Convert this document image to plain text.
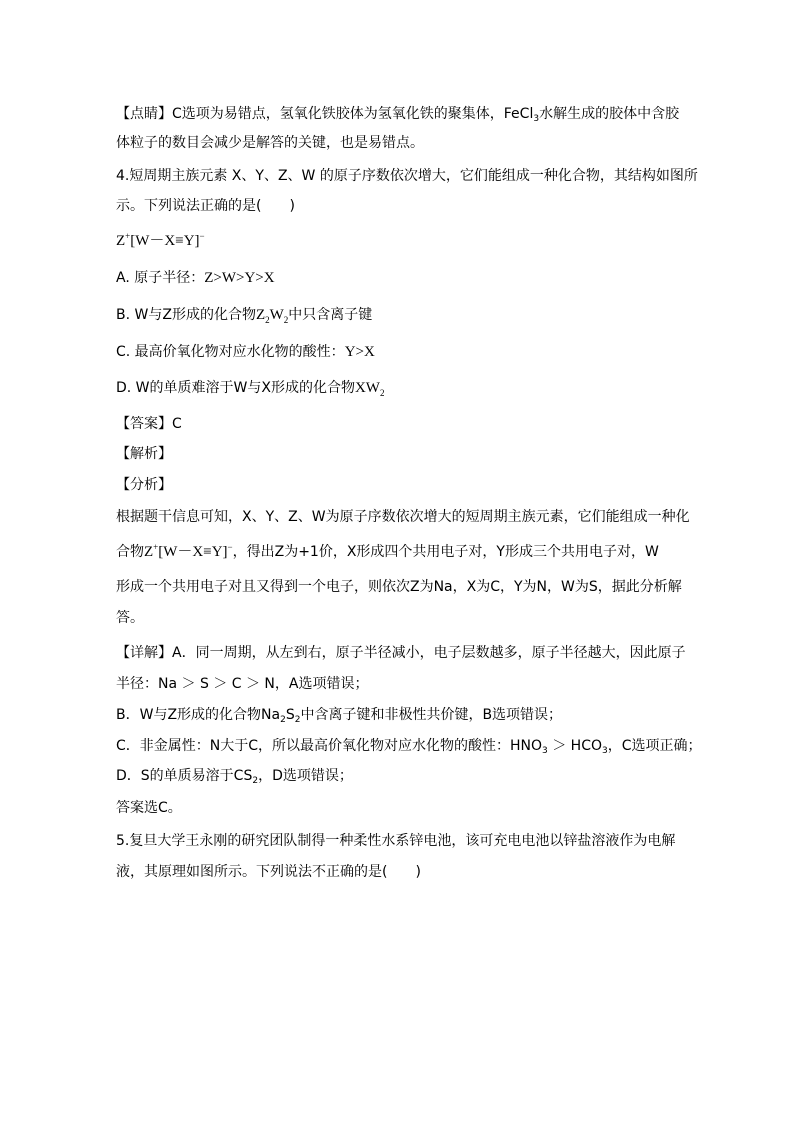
【点睛】C选项为易错点，氢氧化铁胶体为氢氧化铁的聚集体，FeCl$_3$水解生成的胶体中含胶
体粒子的数目会减少是解答的关键，也是易错点。
4.短周期主族元素 X、Y、Z、W 的原子序数依次增大，它们能组成一种化合物，其结构如图所
示。下列说法正确的是(　　)
Z+[W－X≡Y]−
A. 原子半径：Z>W>Y>X
B. W与Z形成的化合物$Z_2W_2$中只含离子键
C. 最高价氧化物对应水化物的酸性：Y>X
D. W的单质难溶于W与X形成的化合物$XW_2$
【答案】C
【解析】
【分析】
根据题干信息可知，X、Y、Z、W为原子序数依次增大的短周期主族元素，它们能组成一种化
合物Z+[W－X≡Y]−，得出Z为+1价，X形成四个共用电子对，Y形成三个共用电子对，W
形成一个共用电子对且又得到一个电子，则依次Z为Na，X为C，Y为N，W为S，据此分析解
答。
【详解】A．同一周期，从左到右，原子半径减小，电子层数越多，原子半径越大，因此原子
半径：Na ＞ S ＞ C ＞ N，A选项错误；
B．W与Z形成的化合物$Na_2S_2$中含离子键和非极性共价键，B选项错误；
C．非金属性：N大于C，所以最高价氧化物对应水化物的酸性：$HNO_3 > HCO_3$，C选项正确；
D．S的单质易溶于$CS_2$，D选项错误；
答案选C。
5.复旦大学王永刚的研究团队制得一种柔性水系锌电池，该可充电电池以锌盐溶液作为电解
液，其原理如图所示。下列说法不正确的是(　　)
